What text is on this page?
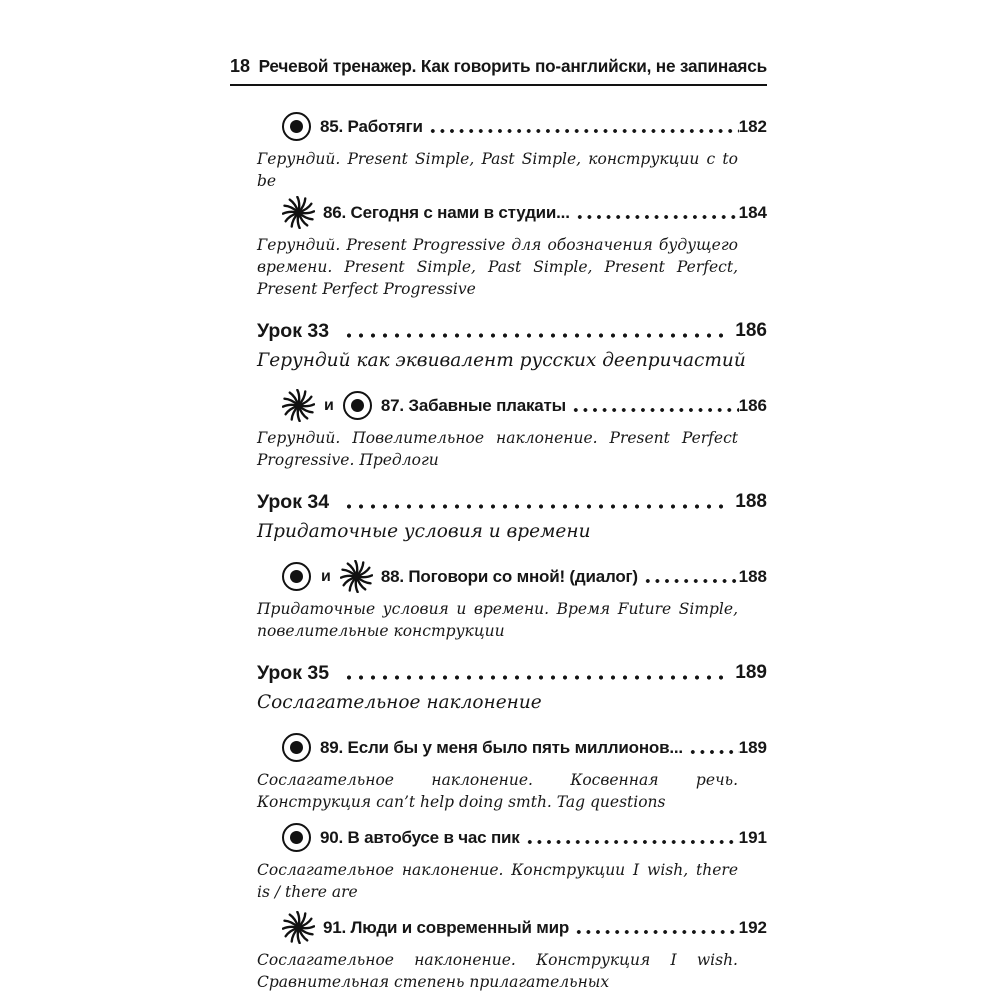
18 Речевой тренажер. Как говорить по-английски, не запинаясь
85. Работяги	182

Герундий. Present Simple, Past Simple, конструкции с to be

86. Сегодня с нами в студии...	184

Герундий. Present Progressive для обозначения будущего времени. Present Simple, Past Simple, Present Perfect, Present Perfect Progressive

Урок 33	186

Герундий как эквивалент русских деепричастий

и	87. Забавные плакаты	186

Герундий. Повелительное наклонение. Present Perfect Progressive. Предлоги

Урок 34	188

Придаточные условия и времени

и	88. Поговори со мной! (диалог)	188

Придаточные условия и времени. Время Future Simple, повелительные конструкции

Урок 35	189

Сослагательное наклонение

89. Если бы у меня было пять миллионов...	189

Сослагательное наклонение. Косвенная речь. Конструкция can’t help doing smth. Tag questions

90. В автобусе в час пик	191

Сослагательное наклонение. Конструкции I wish, there is / there are

91. Люди и современный мир	192

Сослагательное наклонение. Конструкция I wish. Сравнительная степень прилагательных
